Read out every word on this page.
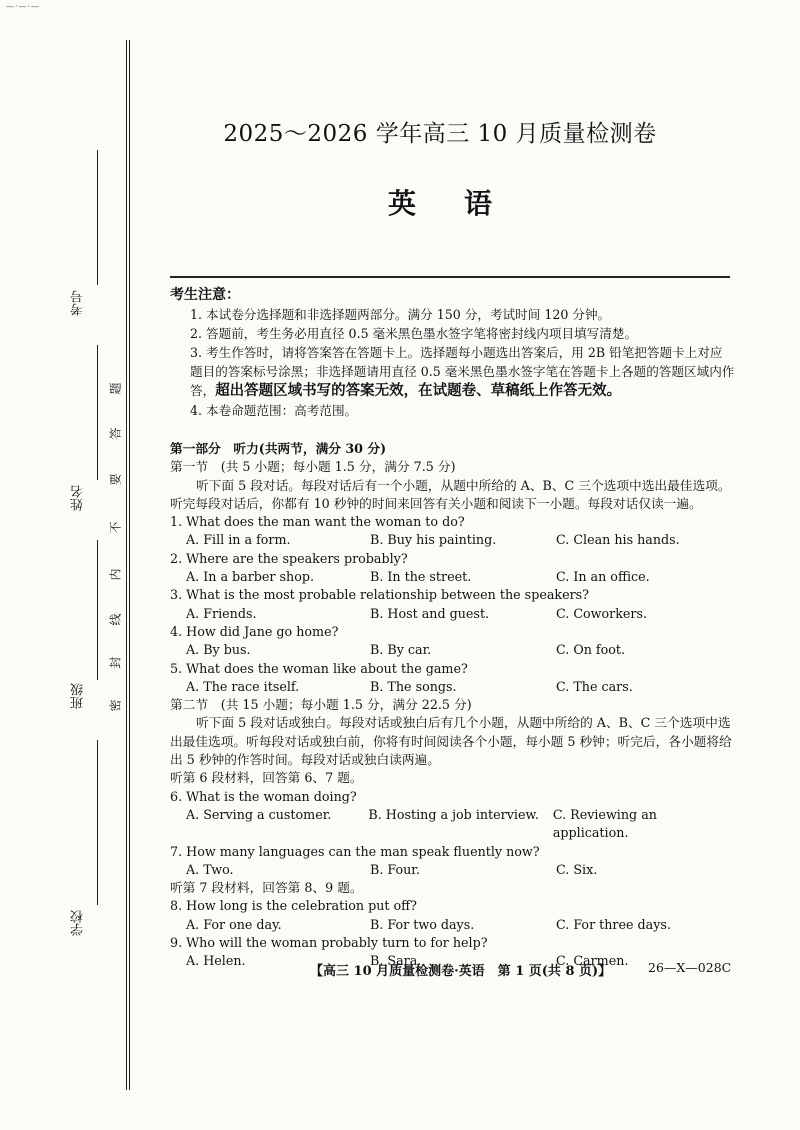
—·—·—
考号
姓名
班级
学校
密
封
线
内
不
要
答
题
2025～2026 学年高三 10 月质量检测卷
英语
考生注意：

1. 本试卷分选择题和非选择题两部分。满分 150 分，考试时间 120 分钟。

2. 答题前，考生务必用直径 0.5 毫米黑色墨水签字笔将密封线内项目填写清楚。

3. 考生作答时，请将答案答在答题卡上。选择题每小题选出答案后，用 2B 铅笔把答题卡上对应题目的答案标号涂黑；非选择题请用直径 0.5 毫米黑色墨水签字笔在答题卡上各题的答题区域内作答，超出答题区域书写的答案无效，在试题卷、草稿纸上作答无效。

4. 本卷命题范围：高考范围。

第一部分　听力(共两节，满分 30 分)

第一节　(共 5 小题；每小题 1.5 分，满分 7.5 分)

听下面 5 段对话。每段对话后有一个小题，从题中所给的 A、B、C 三个选项中选出最佳选项。听完每段对话后，你都有 10 秒钟的时间来回答有关小题和阅读下一小题。每段对话仅读一遍。

1. What does the man want the woman to do?

A. Fill in a form.	B. Buy his painting.	C. Clean his hands.

2. Where are the speakers probably?

A. In a barber shop.	B. In the street.	C. In an office.

3. What is the most probable relationship between the speakers?

A. Friends.	B. Host and guest.	C. Coworkers.

4. How did Jane go home?

A. By bus.	B. By car.	C. On foot.

5. What does the woman like about the game?

A. The race itself.	B. The songs.	C. The cars.

第二节　(共 15 小题；每小题 1.5 分，满分 22.5 分)

听下面 5 段对话或独白。每段对话或独白后有几个小题，从题中所给的 A、B、C 三个选项中选出最佳选项。听每段对话或独白前，你将有时间阅读各个小题，每小题 5 秒钟；听完后，各小题将给出 5 秒钟的作答时间。每段对话或独白读两遍。

听第 6 段材料，回答第 6、7 题。

6. What is the woman doing?

A. Serving a customer.	B. Hosting a job interview.	C. Reviewing an application.

7. How many languages can the man speak fluently now?

A. Two.	B. Four.	C. Six.

听第 7 段材料，回答第 8、9 题。

8. How long is the celebration put off?

A. For one day.	B. For two days.	C. For three days.

9. Who will the woman probably turn to for help?

A. Helen.	B. Sara.	C. Carmen.
【高三 10 月质量检测卷·英语　第 1 页(共 8 页)】	26—X—028C
